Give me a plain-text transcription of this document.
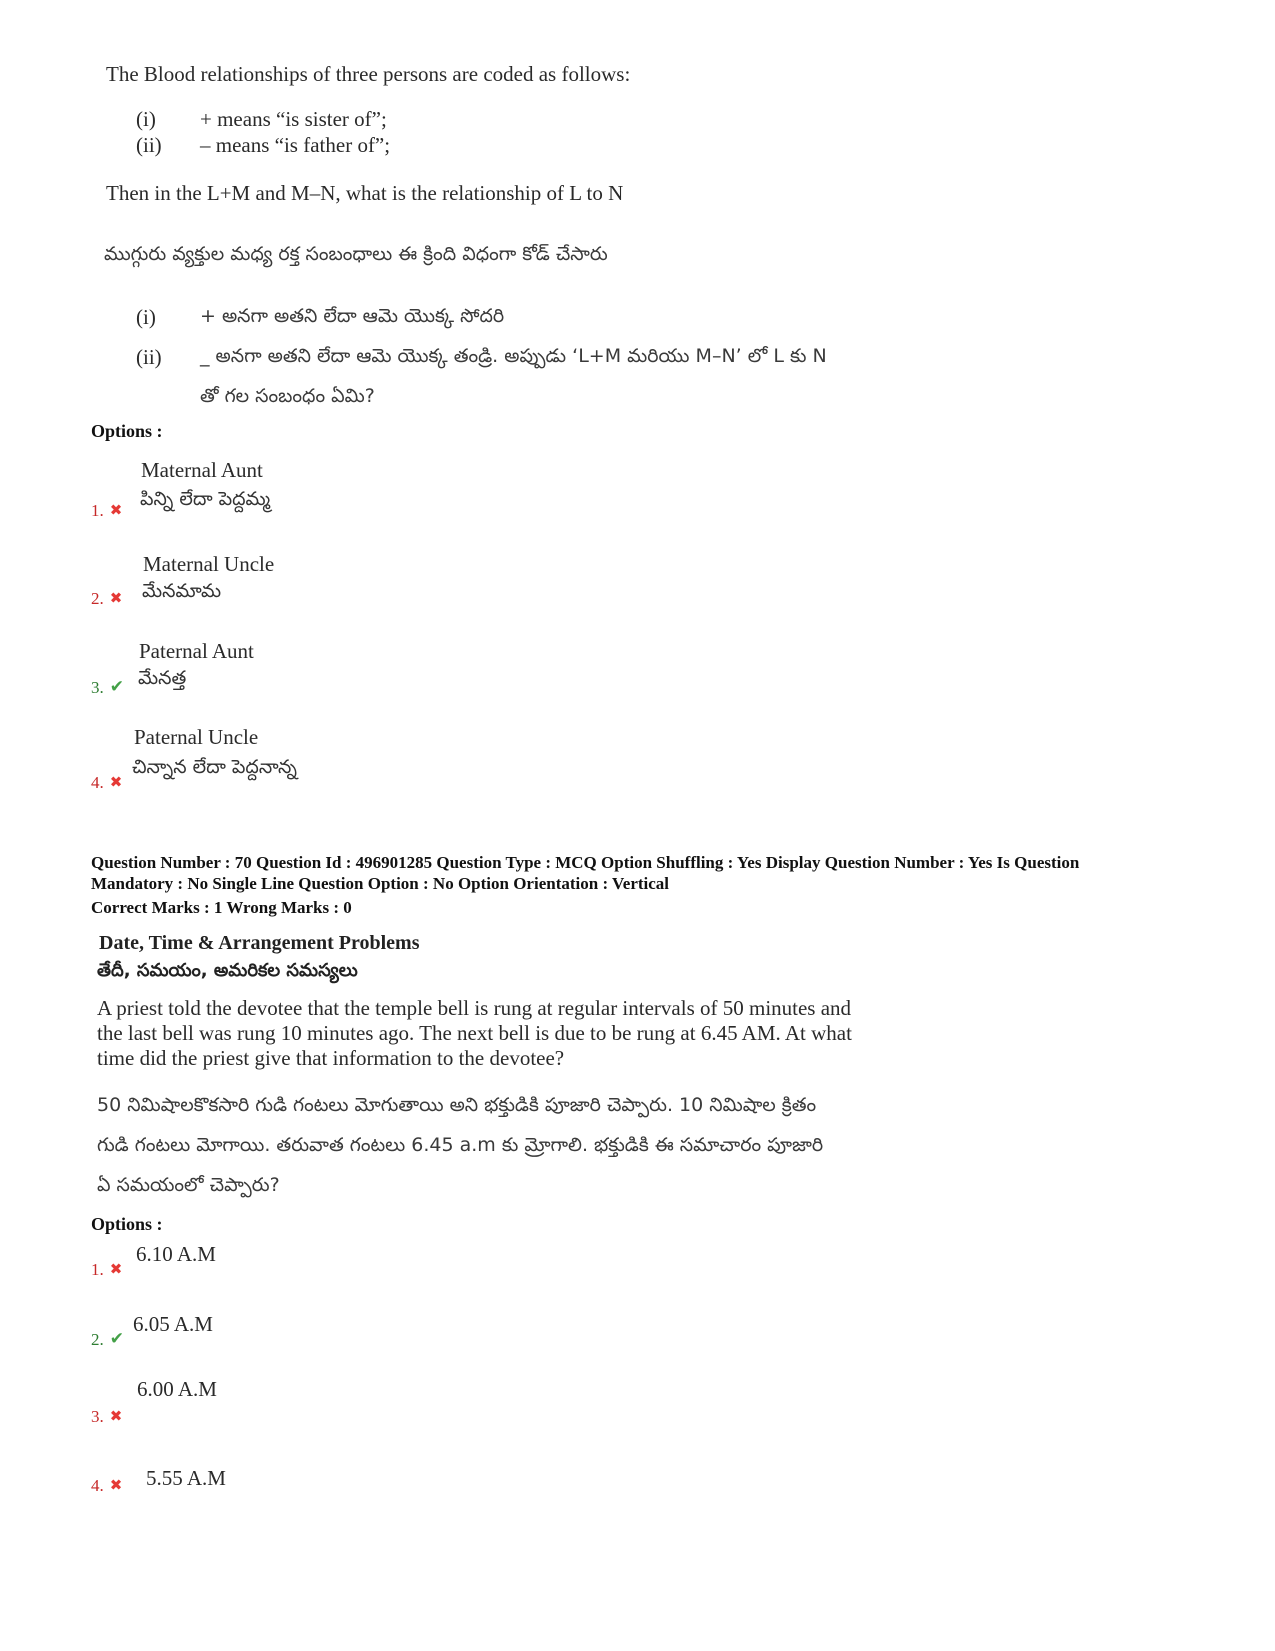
The Blood relationships of three persons are coded as follows:
(i) + means “is sister of”;
(ii) – means “is father of”;
Then in the L+M and M–N, what is the relationship of L to N
ముగ్గురు వ్యక్తుల మధ్య రక్త సంబంధాలు ఈ క్రింది విధంగా కోడ్ చేసారు
(i) + అనగా అతని లేదా ఆమె యొక్క సోదరి
(ii) _ అనగా అతని లేదా ఆమె యొక్క తండ్రి. అప్పుడు ‘L+M మరియు M–N’ లో L కు N
తో గల సంబంధం ఏమి?
Options :
Maternal Aunt
పిన్ని లేదా పెద్దమ్మ
1. ✖
Maternal Uncle
మేనమామ
2. ✖
Paternal Aunt
మేనత్త
3. ✔
Paternal Uncle
చిన్నాన లేదా పెద్దనాన్న
4. ✖
Question Number : 70 Question Id : 496901285 Question Type : MCQ Option Shuffling : Yes Display Question Number : Yes Is Question Mandatory : No Single Line Question Option : No Option Orientation : Vertical
Correct Marks : 1 Wrong Marks : 0
Date, Time & Arrangement Problems
తేదీ, సమయం, అమరికల సమస్యలు
A priest told the devotee that the temple bell is rung at regular intervals of 50 minutes and the last bell was rung 10 minutes ago. The next bell is due to be rung at 6.45 AM. At what time did the priest give that information to the devotee?
50 నిమిషాలకొకసారి గుడి గంటలు మోగుతాయి అని భక్తుడికి పూజారి చెప్పారు. 10 నిమిషాల క్రితం
గుడి గంటలు మోగాయి. తరువాత గంటలు 6.45 a.m కు మ్రోగాలి. భక్తుడికి ఈ సమాచారం పూజారి
ఏ సమయంలో చెప్పారు?
Options :
6.10 A.M
1. ✖
6.05 A.M
2. ✔
6.00 A.M
3. ✖
5.55 A.M
4. ✖
